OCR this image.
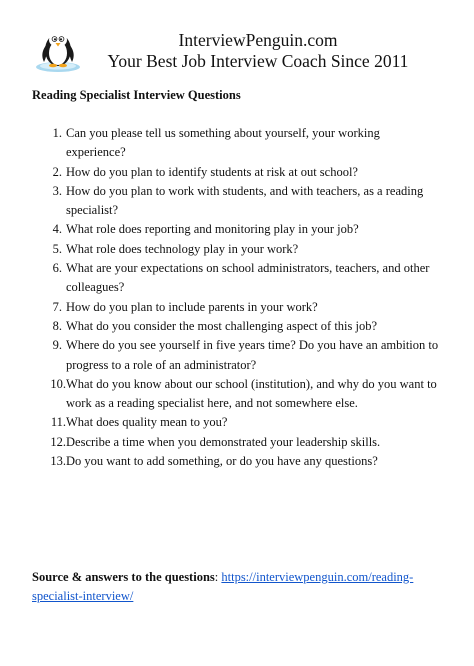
InterviewPenguin.com
Your Best Job Interview Coach Since 2011
Reading Specialist Interview Questions
1. Can you please tell us something about yourself, your working
experience?
2. How do you plan to identify students at risk at out school?
3. How do you plan to work with students, and with teachers, as a reading
specialist?
4. What role does reporting and monitoring play in your job?
5. What role does technology play in your work?
6. What are your expectations on school administrators, teachers, and other
colleagues?
7. How do you plan to include parents in your work?
8. What do you consider the most challenging aspect of this job?
9. Where do you see yourself in five years time? Do you have an ambition to
progress to a role of an administrator?
10. What do you know about our school (institution), and why do you want to
work as a reading specialist here, and not somewhere else.
11. What does quality mean to you?
12. Describe a time when you demonstrated your leadership skills.
13. Do you want to add something, or do you have any questions?
Source & answers to the questions: https://interviewpenguin.com/reading-
specialist-interview/
